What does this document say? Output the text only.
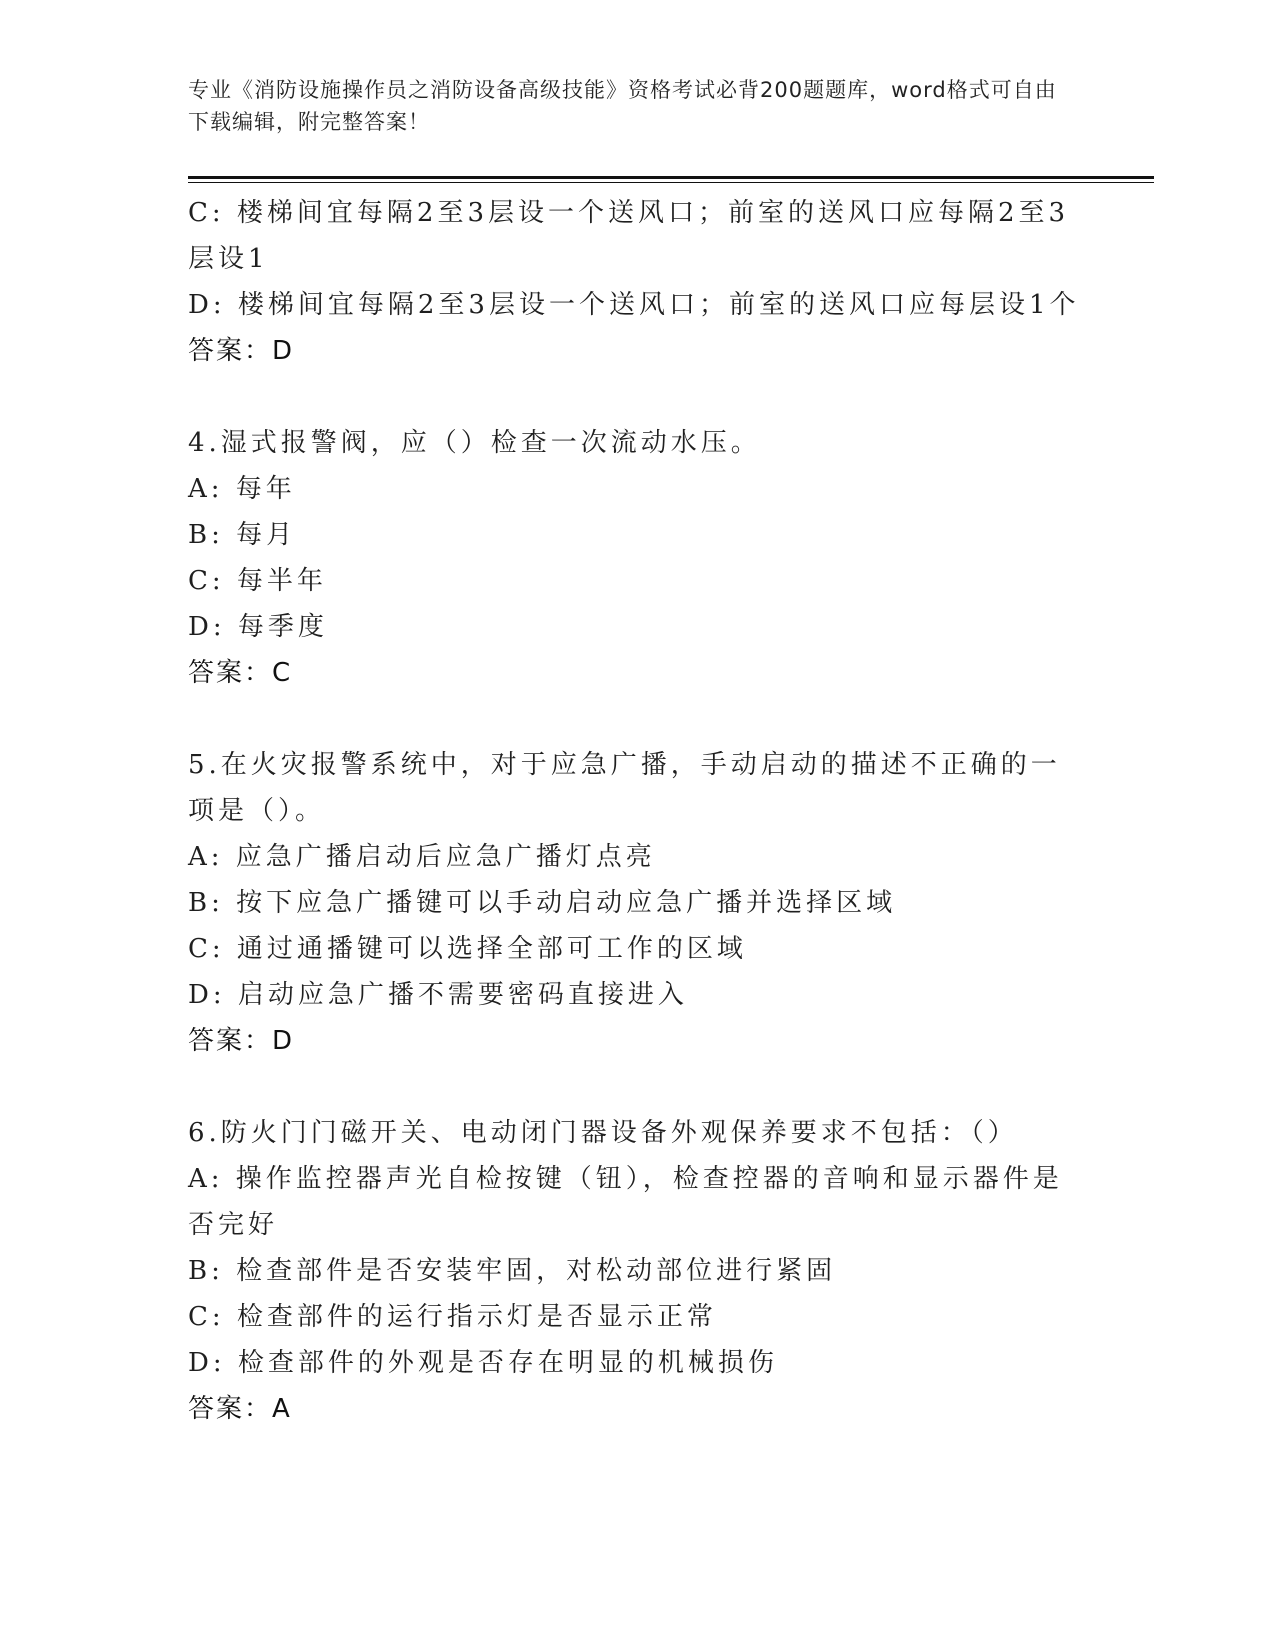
专业《消防设施操作员之消防设备高级技能》资格考试必背200题题库，word格式可自由下载编辑，附完整答案！
C: 楼梯间宜每隔2至3层设一个送风口；前室的送风口应每隔2至3层设1
D: 楼梯间宜每隔2至3层设一个送风口；前室的送风口应每层设1个
答案：D
4.湿式报警阀，应（）检查一次流动水压。
A: 每年
B: 每月
C: 每半年
D: 每季度
答案：C
5.在火灾报警系统中，对于应急广播，手动启动的描述不正确的一项是（）。
A: 应急广播启动后应急广播灯点亮
B: 按下应急广播键可以手动启动应急广播并选择区域
C: 通过通播键可以选择全部可工作的区域
D: 启动应急广播不需要密码直接进入
答案：D
6.防火门门磁开关、电动闭门器设备外观保养要求不包括：（）
A: 操作监控器声光自检按键（钮），检查控器的音响和显示器件是否完好
B: 检查部件是否安装牢固，对松动部位进行紧固
C: 检查部件的运行指示灯是否显示正常
D: 检查部件的外观是否存在明显的机械损伤
答案：A
